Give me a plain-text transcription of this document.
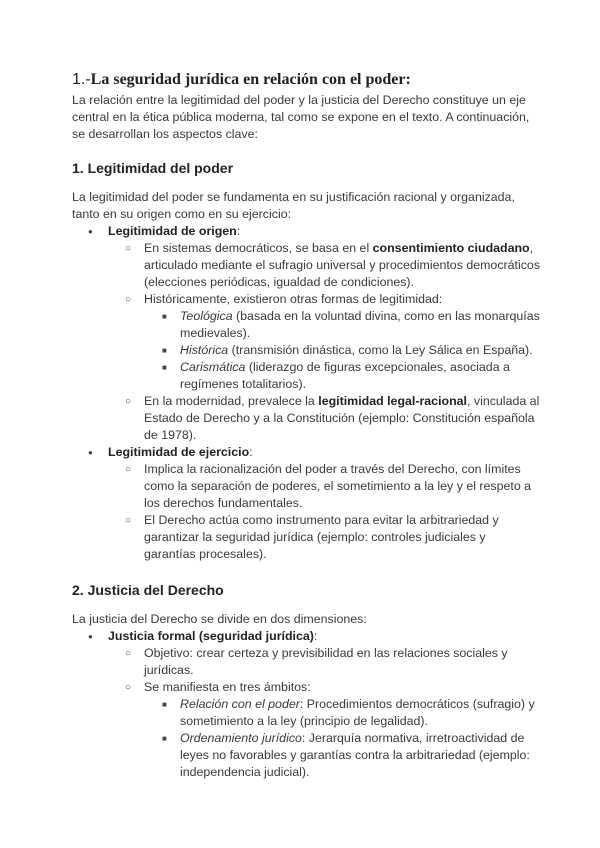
1.-La seguridad jurídica en relación con el poder:

La relación entre la legitimidad del poder y la justicia del Derecho constituye un eje central en la ética pública moderna, tal como se expone en el texto. A continuación, se desarrollan los aspectos clave:

1. Legitimidad del poder

La legitimidad del poder se fundamenta en su justificación racional y organizada, tanto en su origen como en su ejercicio:

● Legitimidad de origen:
○ En sistemas democráticos, se basa en el consentimiento ciudadano, articulado mediante el sufragio universal y procedimientos democráticos (elecciones periódicas, igualdad de condiciones).
○ Históricamente, existieron otras formas de legitimidad:
■ Teológica (basada en la voluntad divina, como en las monarquías medievales).
■ Histórica (transmisión dinástica, como la Ley Sálica en España).
■ Carismática (liderazgo de figuras excepcionales, asociada a regímenes totalitarios).
○ En la modernidad, prevalece la legitimidad legal-racional, vinculada al Estado de Derecho y a la Constitución (ejemplo: Constitución española de 1978).
● Legitimidad de ejercicio:
○ Implica la racionalización del poder a través del Derecho, con límites como la separación de poderes, el sometimiento a la ley y el respeto a los derechos fundamentales.
○ El Derecho actúa como instrumento para evitar la arbitrariedad y garantizar la seguridad jurídica (ejemplo: controles judiciales y garantías procesales).
2. Justicia del Derecho

La justicia del Derecho se divide en dos dimensiones:

● Justicia formal (seguridad jurídica):
○ Objetivo: crear certeza y previsibilidad en las relaciones sociales y jurídicas.
○ Se manifiesta en tres ámbitos:
■ Relación con el poder: Procedimientos democráticos (sufragio) y sometimiento a la ley (principio de legalidad).
■ Ordenamiento jurídico: Jerarquía normativa, irretroactividad de leyes no favorables y garantías contra la arbitrariedad (ejemplo: independencia judicial).
